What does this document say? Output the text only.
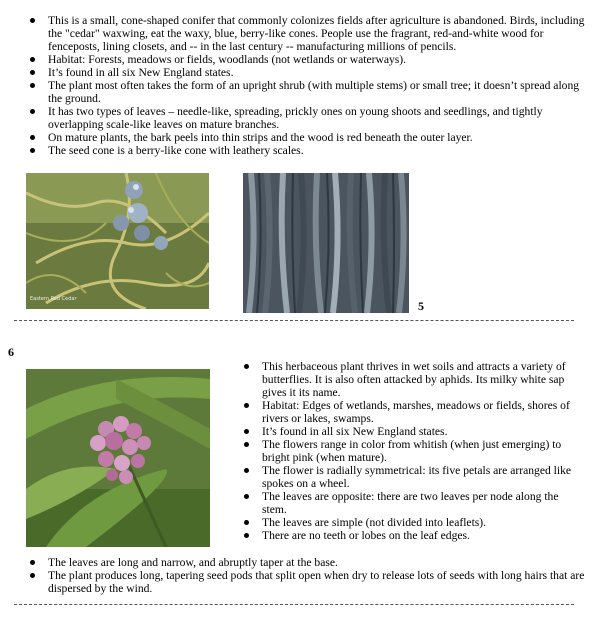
This is a small, cone-shaped conifer that commonly colonizes fields after agriculture is abandoned. Birds, including the "cedar" waxwing, eat the waxy, blue, berry-like cones. People use the fragrant, red-and-white wood for fenceposts, lining closets, and -- in the last century -- manufacturing millions of pencils.
Habitat: Forests, meadows or fields, woodlands (not wetlands or waterways).
It’s found in all six New England states.
The plant most often takes the form of an upright shrub (with multiple stems) or small tree; it doesn’t spread along the ground.
It has two types of leaves – needle-like, spreading, prickly ones on young shoots and seedlings, and tightly overlapping scale-like leaves on mature branches.
On mature plants, the bark peels into thin strips and the wood is red beneath the outer layer.
The seed cone is a berry-like cone with leathery scales.
Eastern Red Cedar	5
6
This herbaceous plant thrives in wet soils and attracts a variety of butterflies. It is also often attacked by aphids. Its milky white sap gives it its name.
Habitat: Edges of wetlands, marshes, meadows or fields, shores of rivers or lakes, swamps.
It’s found in all six New England states.
The flowers range in color from whitish (when just emerging) to bright pink (when mature).
The flower is radially symmetrical: its five petals are arranged like spokes on a wheel.
The leaves are opposite: there are two leaves per node along the stem.
The leaves are simple (not divided into leaflets).
There are no teeth or lobes on the leaf edges.
The leaves are long and narrow, and abruptly taper at the base.
The plant produces long, tapering seed pods that split open when dry to release lots of seeds with long hairs that are dispersed by the wind.
